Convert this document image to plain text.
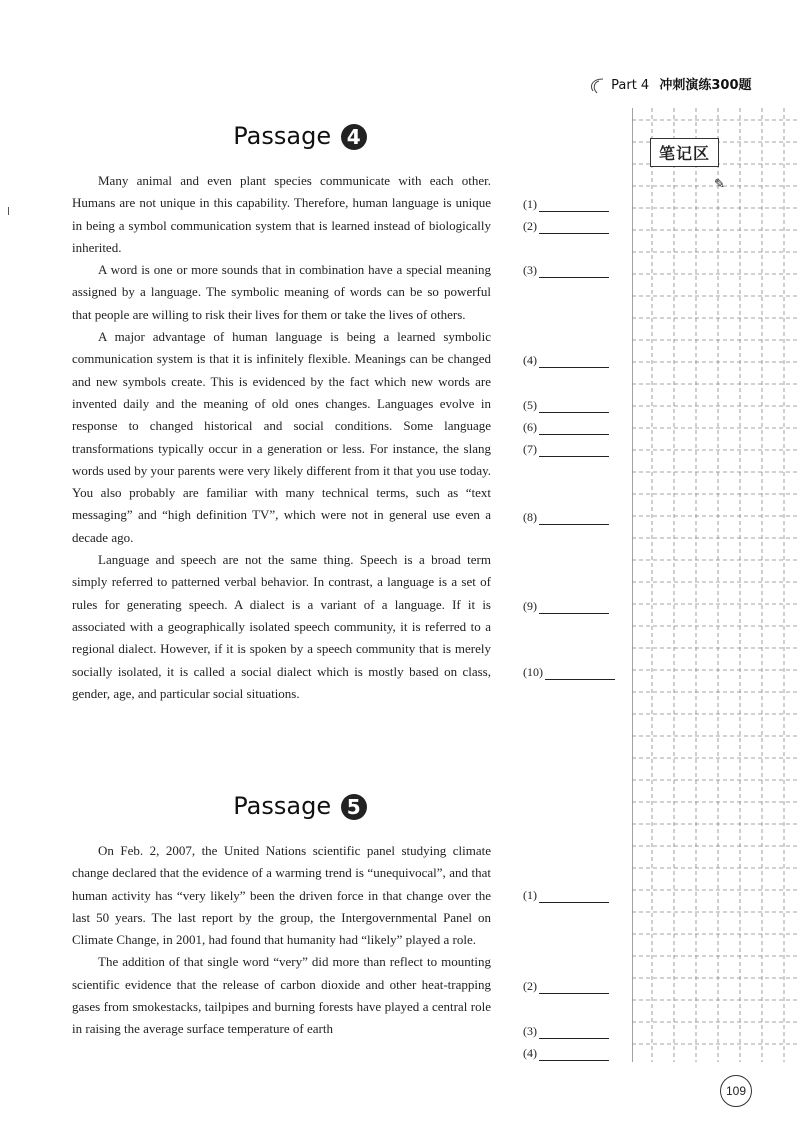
Part 4 冲刺演练300题
Passage 4

Many animal and even plant species communicate with each other. Humans are not unique in this capability. Therefore, human language is unique in being a symbol communication system that is learned instead of biologically inherited.

A word is one or more sounds that in combination have a special meaning assigned by a language. The symbolic meaning of words can be so powerful that people are willing to risk their lives for them or take the lives of others.

A major advantage of human language is being a learned symbolic communication system is that it is infinitely flexible. Meanings can be changed and new symbols create. This is evidenced by the fact which new words are invented daily and the meaning of old ones changes. Languages evolve in response to changed historical and social conditions. Some language transformations typically occur in a generation or less. For instance, the slang words used by your parents were very likely different from it that you use today. You also probably are familiar with many technical terms, such as “text messaging” and “high definition TV”, which were not in general use even a decade ago.

Language and speech are not the same thing. Speech is a broad term simply referred to patterned verbal behavior. In contrast, a language is a set of rules for generating speech. A dialect is a variant of a language. If it is associated with a geographically isolated speech community, it is referred to a regional dialect. However, if it is spoken by a speech community that is merely socially isolated, it is called a social dialect which is mostly based on class, gender, age, and particular social situations.

(1)
(2)
(3)
(4)
(5)
(6)
(7)
(8)
(9)
(10)
Passage 5

On Feb. 2, 2007, the United Nations scientific panel studying climate change declared that the evidence of a warming trend is “unequivocal”, and that human activity has “very likely” been the driven force in that change over the last 50 years. The last report by the group, the Intergovernmental Panel on Climate Change, in 2001, had found that humanity had “likely” played a role.

The addition of that single word “very” did more than reflect to mounting scientific evidence that the release of carbon dioxide and other heat-trapping gases from smokestacks, tailpipes and burning forests have played a central role in raising the average surface temperature of earth

(1)
(2)
(3)
(4)
笔记区
✎
109
